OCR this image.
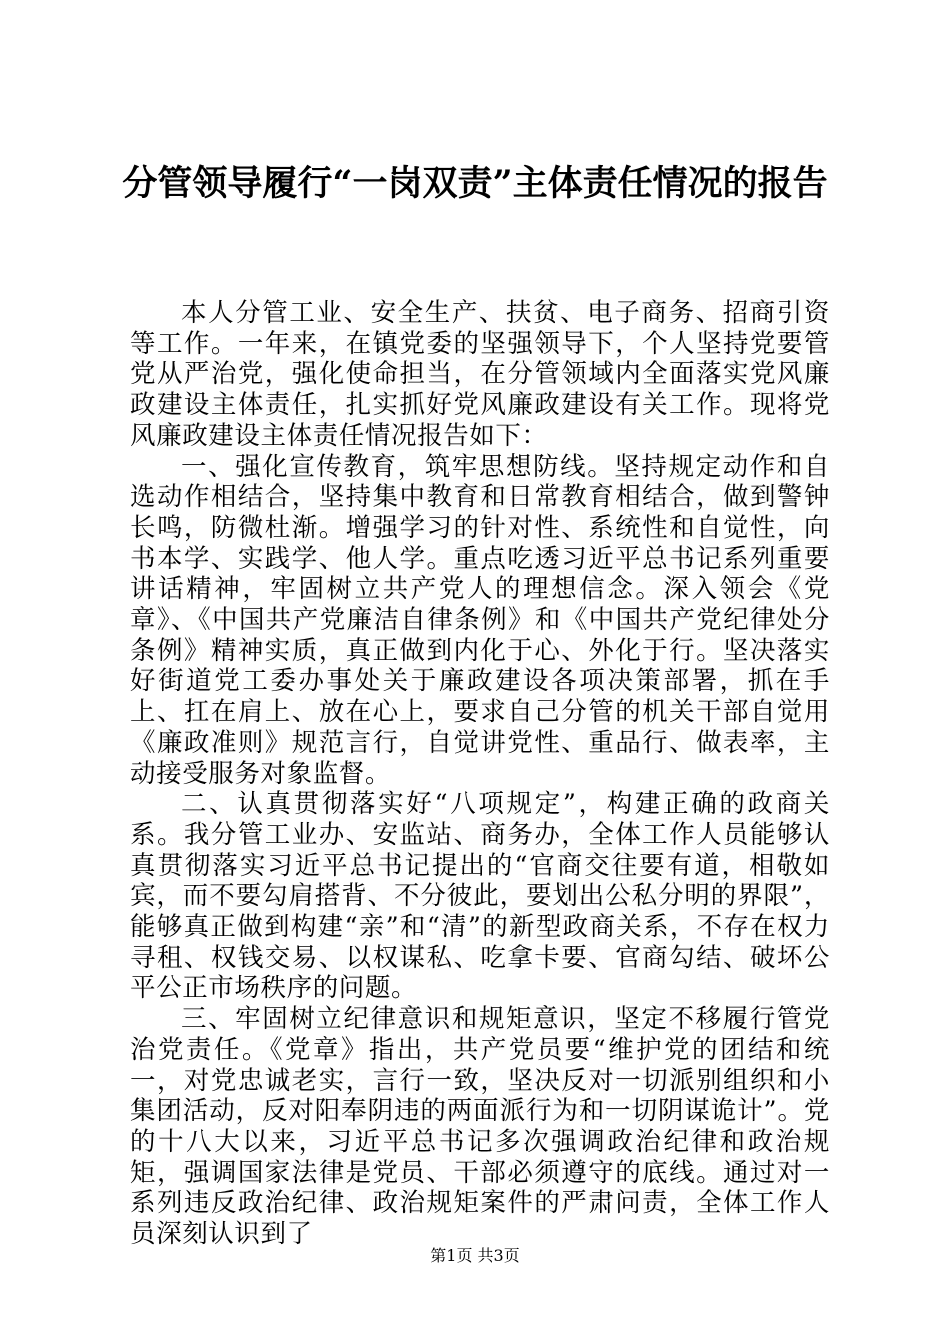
分管领导履行“一岗双责”主体责任情况的报告

本人分管工业、安全生产、扶贫、电子商务、招商引资等工作。一年来，在镇党委的坚强领导下，个人坚持党要管党从严治党，强化使命担当，在分管领域内全面落实党风廉政建设主体责任，扎实抓好党风廉政建设有关工作。现将党风廉政建设主体责任情况报告如下：

一、强化宣传教育，筑牢思想防线。坚持规定动作和自选动作相结合，坚持集中教育和日常教育相结合，做到警钟长鸣，防微杜渐。增强学习的针对性、系统性和自觉性，向书本学、实践学、他人学。重点吃透习近平总书记系列重要讲话精神，牢固树立共产党人的理想信念。深入领会《党章》、《中国共产党廉洁自律条例》和《中国共产党纪律处分条例》精神实质，真正做到内化于心、外化于行。坚决落实好街道党工委办事处关于廉政建设各项决策部署，抓在手上、扛在肩上、放在心上，要求自己分管的机关干部自觉用《廉政准则》规范言行，自觉讲党性、重品行、做表率，主动接受服务对象监督。

二、认真贯彻落实好“八项规定”，构建正确的政商关系。我分管工业办、安监站、商务办，全体工作人员能够认真贯彻落实习近平总书记提出的“官商交往要有道，相敬如宾，而不要勾肩搭背、不分彼此，要划出公私分明的界限”，能够真正做到构建“亲”和“清”的新型政商关系，不存在权力寻租、权钱交易、以权谋私、吃拿卡要、官商勾结、破坏公平公正市场秩序的问题。

三、牢固树立纪律意识和规矩意识，坚定不移履行管党治党责任。《党章》指出，共产党员要“维护党的团结和统一，对党忠诚老实，言行一致，坚决反对一切派别组织和小集团活动，反对阳奉阴违的两面派行为和一切阴谋诡计”。党的十八大以来，习近平总书记多次强调政治纪律和政治规矩，强调国家法律是党员、干部必须遵守的底线。通过对一系列违反政治纪律、政治规矩案件的严肃问责，全体工作人员深刻认识到了

第1页 共3页
